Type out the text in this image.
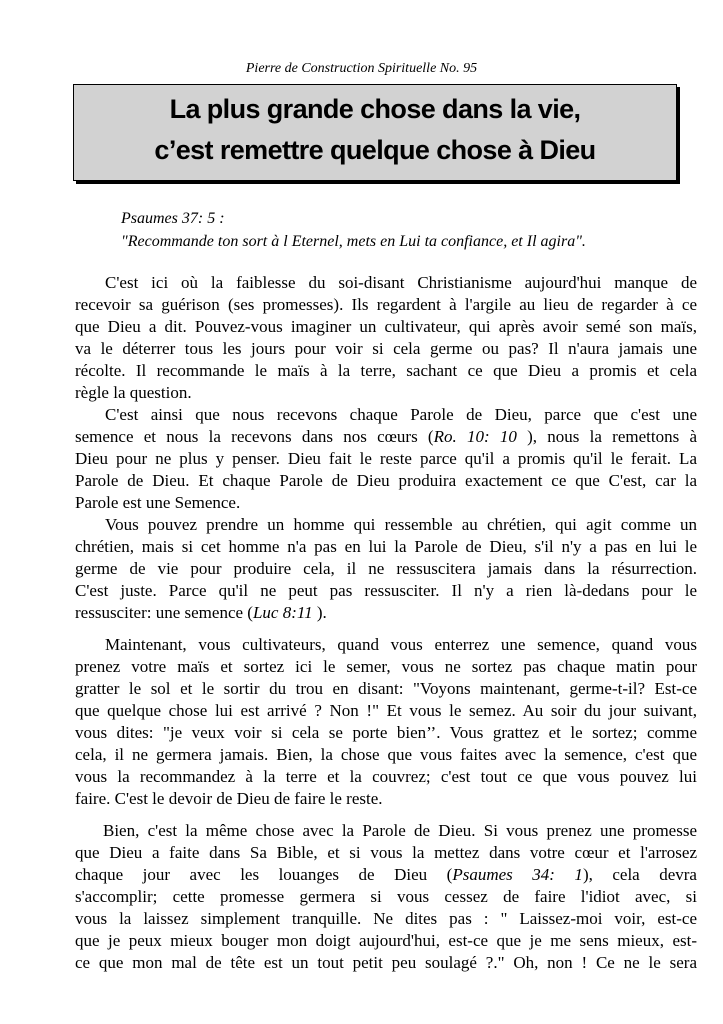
Pierre de Construction Spirituelle No. 95
La plus grande chose dans la vie,
c’est remettre quelque chose à Dieu
Psaumes 37: 5 :
"Recommande ton sort à l Eternel, mets en Lui ta confiance, et Il agira".
C'est ici où la faiblesse du soi-disant Christianisme aujourd'hui manque de
recevoir sa guérison (ses promesses). Ils regardent à l'argile au lieu de regarder à ce
que Dieu a dit. Pouvez-vous imaginer un cultivateur, qui après avoir semé son maïs,
va le déterrer tous les jours pour voir si cela germe ou pas? Il n'aura jamais une
récolte. Il recommande le maïs à la terre, sachant ce que Dieu a promis et cela
règle la question.
C'est ainsi que nous recevons chaque Parole de Dieu, parce que c'est une
semence et nous la recevons dans nos cœurs (Ro. 10: 10 ), nous la remettons à
Dieu pour ne plus y penser. Dieu fait le reste parce qu'il a promis qu'il le ferait. La
Parole de Dieu. Et chaque Parole de Dieu produira exactement ce que C'est, car la
Parole est une Semence.
Vous pouvez prendre un homme qui ressemble au chrétien, qui agit comme un
chrétien, mais si cet homme n'a pas en lui la Parole de Dieu, s'il n'y a pas en lui le
germe de vie pour produire cela, il ne ressuscitera jamais dans la résurrection.
C'est juste. Parce qu'il ne peut pas ressusciter. Il n'y a rien là-dedans pour le
ressusciter: une semence (Luc 8:11 ).
Maintenant, vous cultivateurs, quand vous enterrez une semence, quand vous
prenez votre maïs et sortez ici le semer, vous ne sortez pas chaque matin pour
gratter le sol et le sortir du trou en disant: "Voyons maintenant, germe-t-il? Est-ce
que quelque chose lui est arrivé ? Non !" Et vous le semez. Au soir du jour suivant,
vous dites: "je veux voir si cela se porte bien’’. Vous grattez et le sortez; comme
cela, il ne germera jamais. Bien, la chose que vous faites avec la semence, c'est que
vous la recommandez à la terre et la couvrez; c'est tout ce que vous pouvez lui
faire. C'est le devoir de Dieu de faire le reste.
Bien, c'est la même chose avec la Parole de Dieu. Si vous prenez une promesse
que Dieu a faite dans Sa Bible, et si vous la mettez dans votre cœur et l'arrosez
chaque jour avec les louanges de Dieu (Psaumes 34: 1), cela devra
s'accomplir; cette promesse germera si vous cessez de faire l'idiot avec, si
vous la laissez simplement tranquille. Ne dites pas : " Laissez-moi voir, est-ce
que je peux mieux bouger mon doigt aujourd'hui, est-ce que je me sens mieux, est-
ce que mon mal de tête est un tout petit peu soulagé ?." Oh, non ! Ce ne le sera
